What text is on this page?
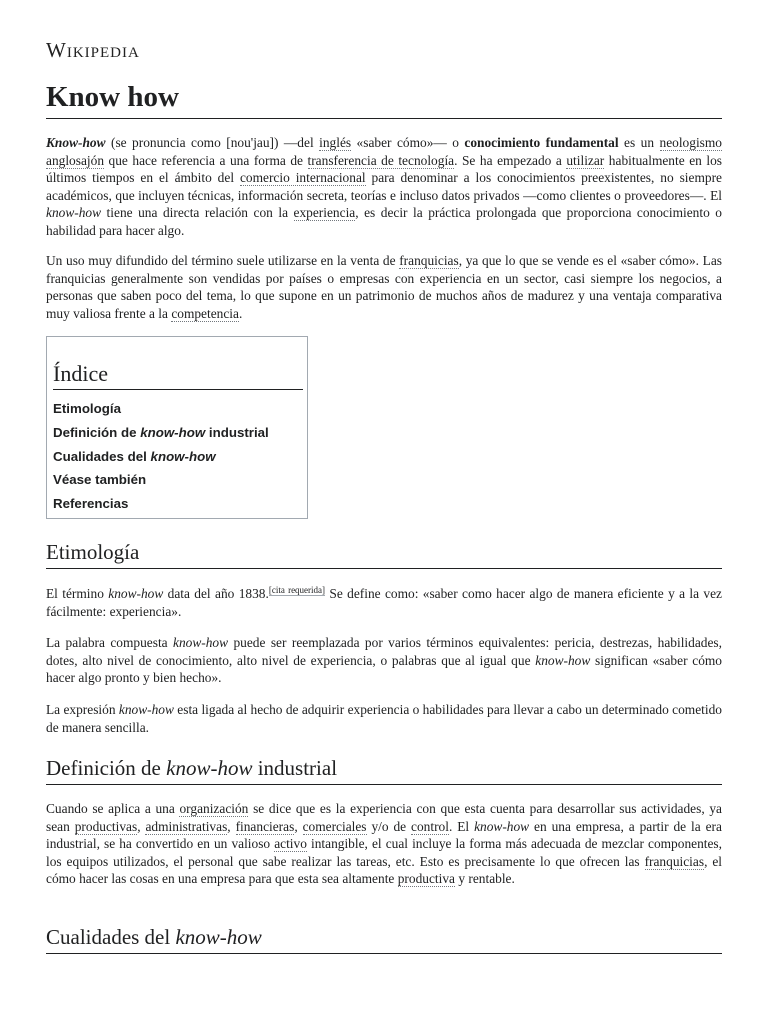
Wikipedia
Know how

Know-how (se pronuncia como [nou'jau]) —del inglés «saber cómo»— o conocimiento fundamental es un neologismo anglosajón que hace referencia a una forma de transferencia de tecnología. Se ha empezado a utilizar habitualmente en los últimos tiempos en el ámbito del comercio internacional para denominar a los conocimientos preexistentes, no siempre académicos, que incluyen técnicas, información secreta, teorías e incluso datos privados —como clientes o proveedores—. El know-how tiene una directa relación con la experiencia, es decir la práctica prolongada que proporciona conocimiento o habilidad para hacer algo.

Un uso muy difundido del término suele utilizarse en la venta de franquicias, ya que lo que se vende es el «saber cómo». Las franquicias generalmente son vendidas por países o empresas con experiencia en un sector, casi siempre los negocios, a personas que saben poco del tema, lo que supone en un patrimonio de muchos años de madurez y una ventaja comparativa muy valiosa frente a la competencia.

Índice
Etimología
Definición de know-how industrial
Cualidades del know-how
Véase también
Referencias
Etimología

El término know-how data del año 1838.[cita requerida] Se define como: «saber como hacer algo de manera eficiente y a la vez fácilmente: experiencia».

La palabra compuesta know-how puede ser reemplazada por varios términos equivalentes: pericia, destrezas, habilidades, dotes, alto nivel de conocimiento, alto nivel de experiencia, o palabras que al igual que know-how significan «saber cómo hacer algo pronto y bien hecho».

La expresión know-how esta ligada al hecho de adquirir experiencia o habilidades para llevar a cabo un determinado cometido de manera sencilla.

Definición de know-how industrial

Cuando se aplica a una organización se dice que es la experiencia con que esta cuenta para desarrollar sus actividades, ya sean productivas, administrativas, financieras, comerciales y/o de control. El know-how en una empresa, a partir de la era industrial, se ha convertido en un valioso activo intangible, el cual incluye la forma más adecuada de mezclar componentes, los equipos utilizados, el personal que sabe realizar las tareas, etc. Esto es precisamente lo que ofrecen las franquicias, el cómo hacer las cosas en una empresa para que esta sea altamente productiva y rentable.

Cualidades del know-how
